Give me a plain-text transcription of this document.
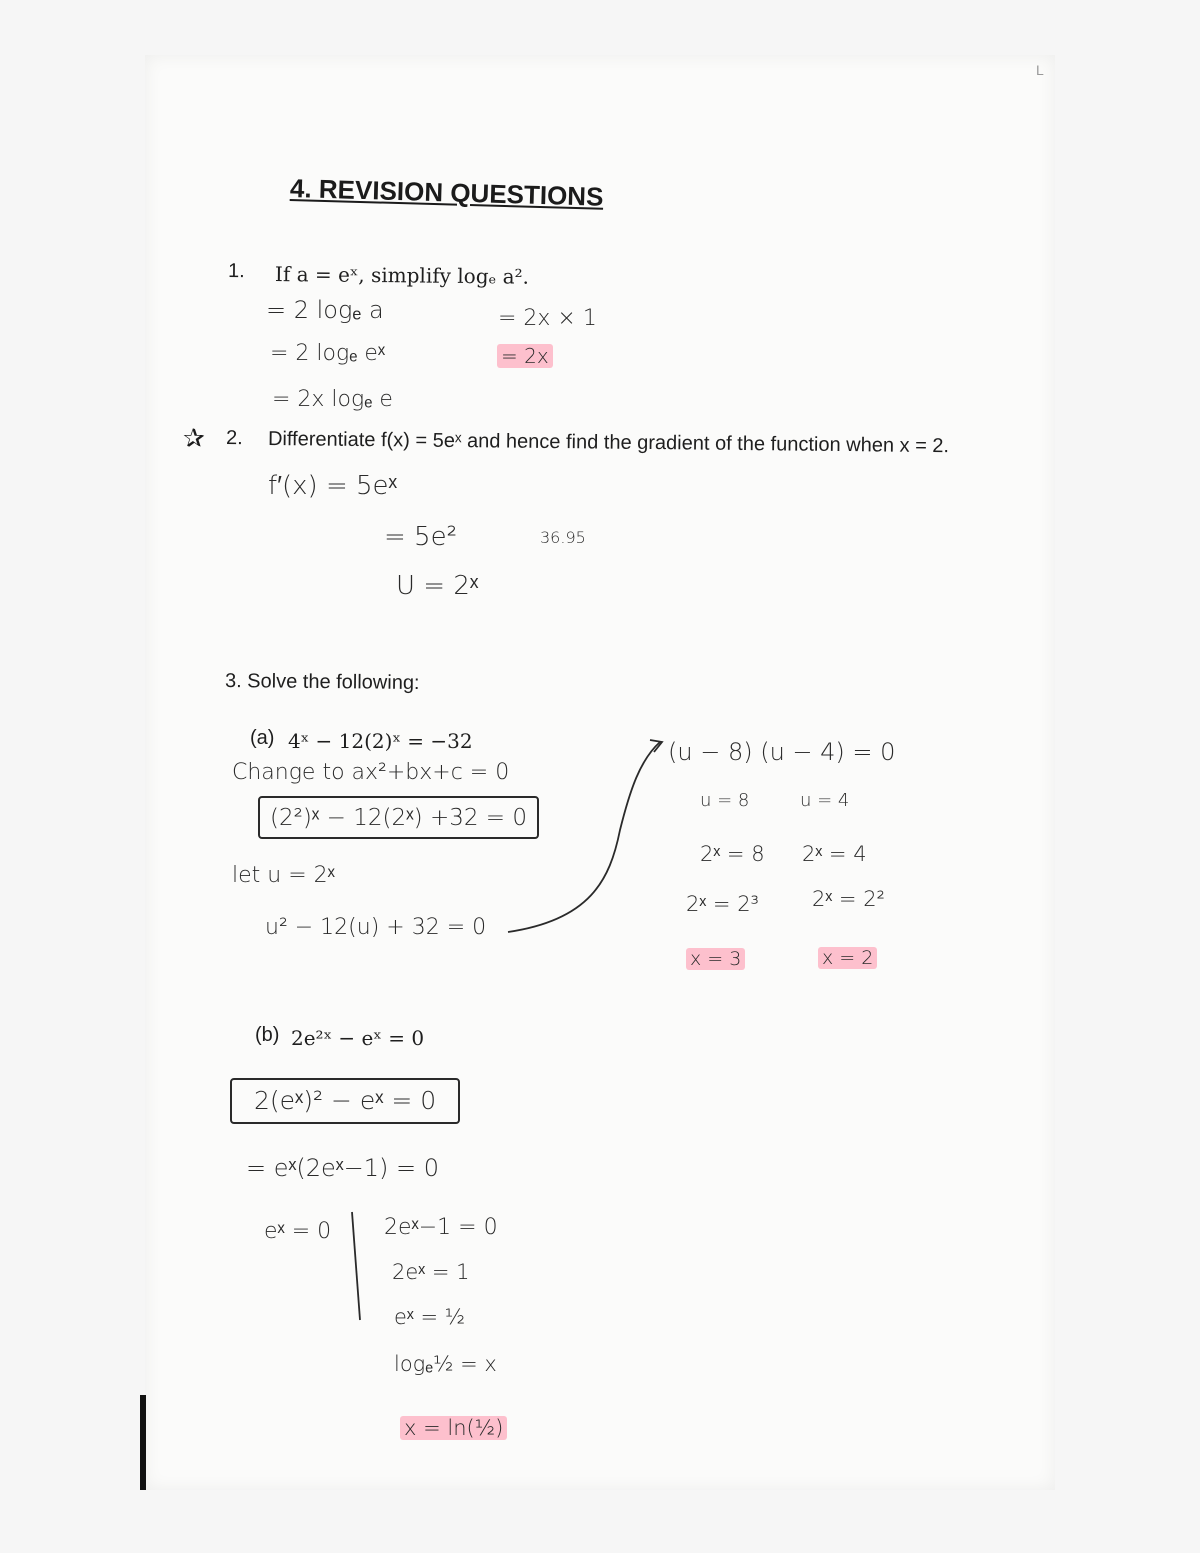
L
4. REVISION QUESTIONS
1. If a = eˣ, simplify logₑ a².
= 2 logₑ a
= 2 logₑ eˣ
= 2x logₑ e
= 2x × 1
= 2x
✰ 2. Differentiate f(x) = 5eˣ and hence find the gradient of the function when x = 2.
f′(x) = 5eˣ
= 5e²	36.95
U = 2ˣ
3. Solve the following:
(a) 4ˣ − 12(2)ˣ = −32
Change to ax²+bx+c = 0
(2²)ˣ − 12(2ˣ) +32 = 0
let u = 2ˣ
u² − 12(u) + 32 = 0
(u − 8) (u − 4) = 0
u = 8
2ˣ = 8
2ˣ = 2³
x = 3
u = 4
2ˣ = 4
2ˣ = 2²
x = 2
(b) 2e²ˣ − eˣ = 0
2(eˣ)² − eˣ = 0
= eˣ(2eˣ−1) = 0
eˣ = 0 2eˣ−1 = 0
2eˣ = 1
eˣ = ½
logₑ½ = x
x = ln(½)
